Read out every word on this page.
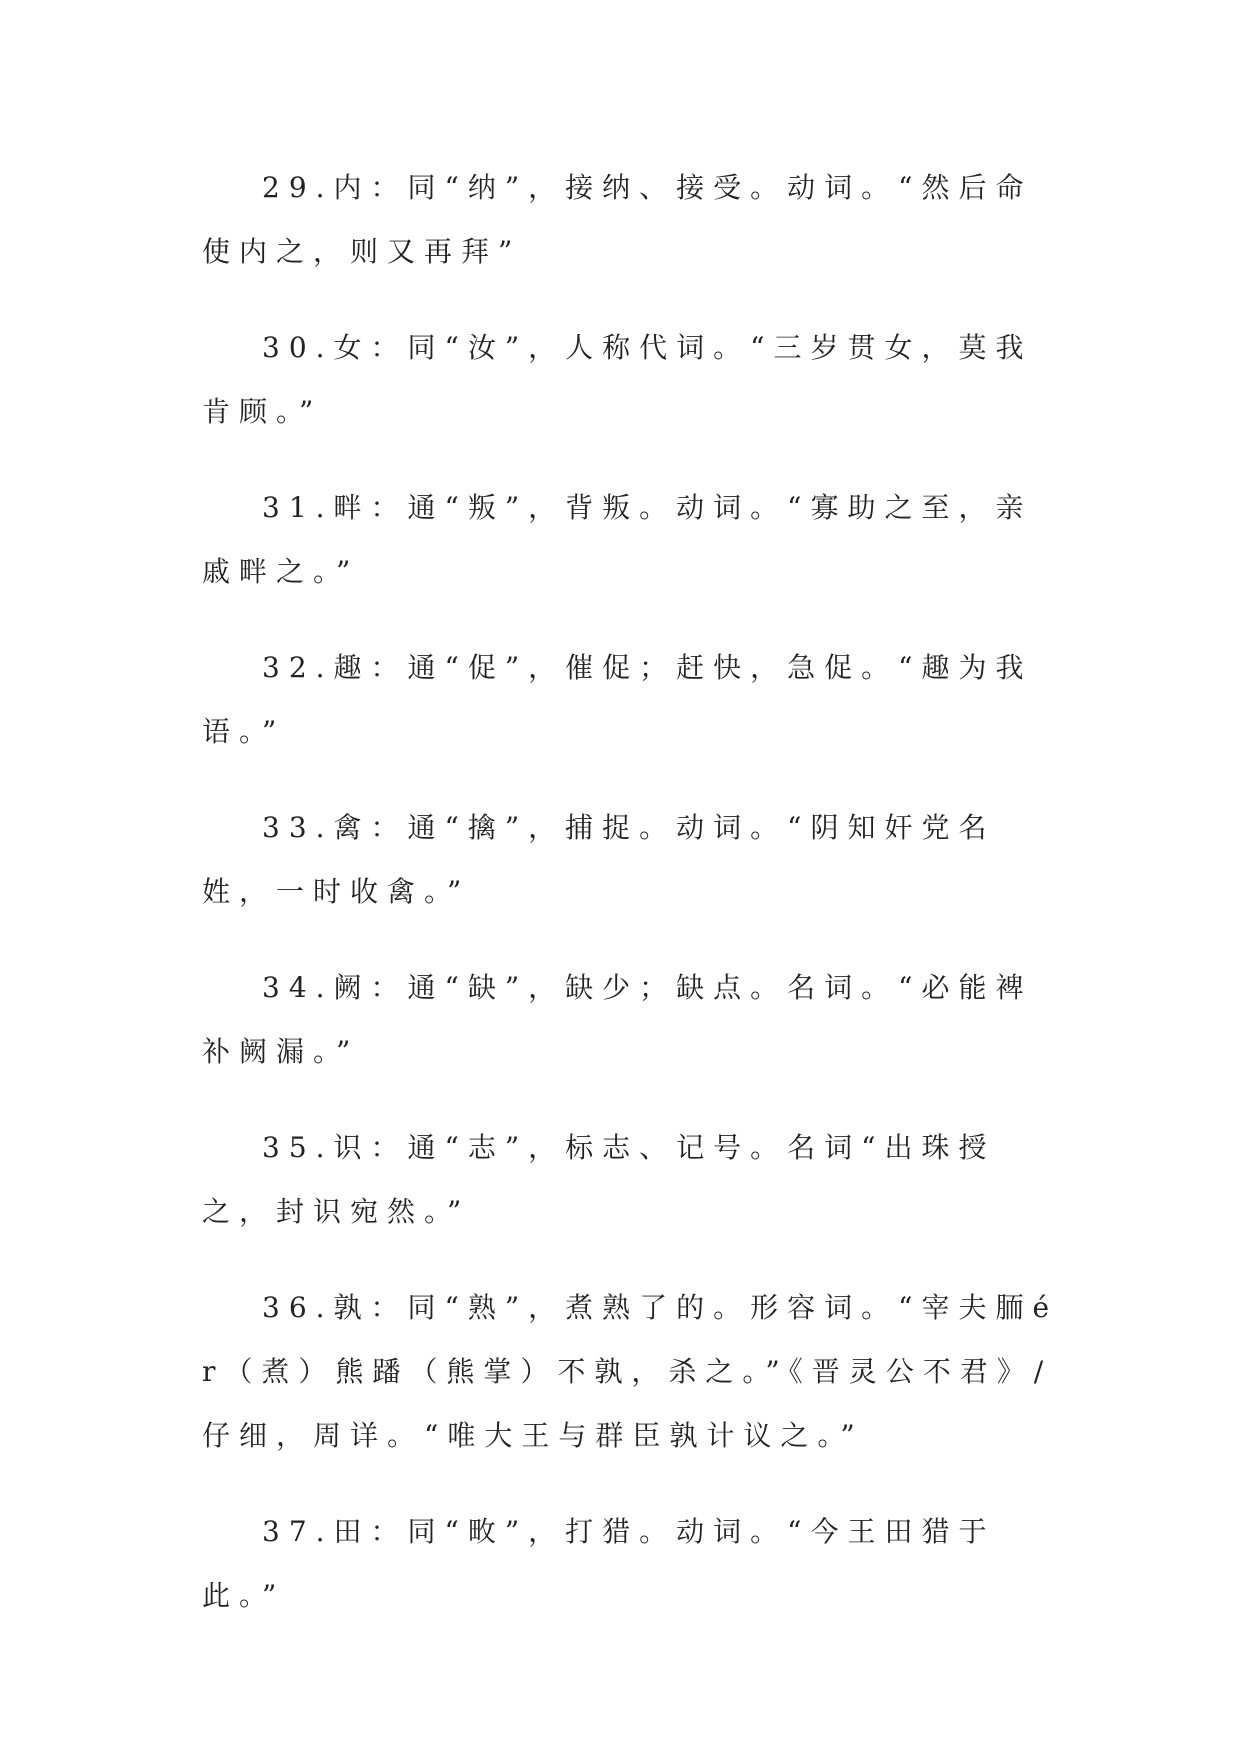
29.内：同“纳”，接纳、接受。动词。“然后命使内之，则又再拜”

30.女：同“汝”，人称代词。“三岁贯女，莫我肯顾。”

31.畔：通“叛”，背叛。动词。“寡助之至，亲戚畔之。”

32.趣：通“促”，催促；赶快，急促。“趣为我语。”

33.禽：通“擒”，捕捉。动词。“阴知奸党名姓，一时收禽。”

34.阙：通“缺”，缺少；缺点。名词。“必能裨补阙漏。”

35.识：通“志”，标志、记号。名词“出珠授之，封识宛然。”

36.孰：同“熟”，煮熟了的。形容词。“宰夫胹ér（煮）熊蹯（熊掌）不孰，杀之。”《晋灵公不君》/仔细，周详。“唯大王与群臣孰计议之。”

37.田：同“畋”，打猎。动词。“今王田猎于此。”
